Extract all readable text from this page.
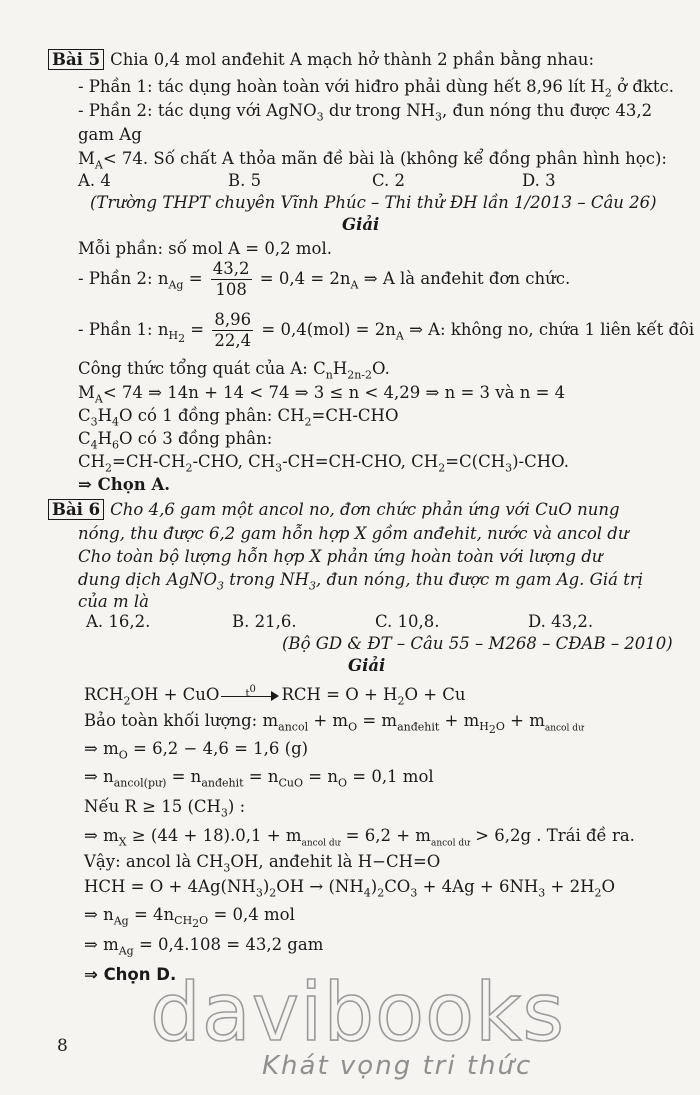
Bài 5 Chia 0,4 mol anđehit A mạch hở thành 2 phần bằng nhau:
- Phần 1: tác dụng hoàn toàn với hiđro phải dùng hết 8,96 lít $H_2$ ở đktc.
- Phần 2: tác dụng với AgNO$_3$ dư trong $NH_3$, đun nóng thu được 43,2
gam Ag
$M_A< 74$. Số chất A thỏa mãn đề bài là (không kể đồng phân hình học):
A. 4	B. 5	C. 2	D. 3
(Trường THPT chuyên Vĩnh Phúc – Thi thử ĐH lần 1/2013 – Câu 26)
Giải
Mỗi phần: số mol A = 0,2 mol.
- Phần 2: $n_{Ag} = \frac{43,2}{108} = 0,4 = 2n_A$ ⇒ A là anđehit đơn chức.
- Phần 1: $n_{H_2} = \frac{8,96}{22,4} = 0,4(mol) = 2n_A$ ⇒ A: không no, chứa 1 liên kết đôi
Công thức tổng quát của A: $C_nH_{2n-2}O$.
$M_A< 74$ ⇒ 14n + 14 < 74 ⇒ 3 ≤ n < 4,29 ⇒ n = 3 và n = 4
$C_3H_4O$ có 1 đồng phân: $CH_2=CH$-CHO
$C_4H_6O$ có 3 đồng phân:
$CH_2=CH-CH_2$-CHO, $CH_3-CH=CH$-CHO, $CH_2=C(CH_3)$-CHO.
⇒ Chọn A.
Bài 6 Cho 4,6 gam một ancol no, đơn chức phản ứng với CuO nung
nóng, thu được 6,2 gam hỗn hợp X gồm anđehit, nước và ancol dư
Cho toàn bộ lượng hỗn hợp X phản ứng hoàn toàn với lượng dư
dung dịch AgNO$_3$ trong $NH_3$, đun nóng, thu được m gam Ag. Giá trị
của m là
A. 16,2.	B. 21,6.	C. 10,8.	D. 43,2.
(Bộ GD & ĐT – Câu 55 – M268 – CĐAB – 2010)
Giải
$RCH_2OH$ + CuO	$t^0$ RCH = $O + H_2O + Cu$
Bảo toàn khối lượng: $m_{ancol} + m_O = m_{anđehit} + m_{H_2O} + m_{ancol dư}$
⇒ $m_O = 6,2 - 4,6 = 1,6$ (g)
⇒ $n_{ancol(pư)} = n_{anđehit} = n_{CuO} = n_O = 0,1$ mol
Nếu R ≥ 15 $(CH_3)$ :
⇒ $m_X \ge (44 + 18).0,1 + m_{ancol dư} = 6,2 + m_{ancol dư} > 6,2g$ . Trái đề ra.
Vậy: ancol là $CH_3OH$, anđehit là H−CH=O
HCH = $O + 4Ag(NH_3)_2OH \to (NH_4)_2CO_3 + 4Ag + 6NH_3 + 2H_2O$
⇒ $n_{Ag} = 4n_{CH_2O} = 0,4$ mol
⇒ $m_{Ag} = 0,4.108 = 43,2$ gam
⇒ Chọn D.
8 davibooks
Khát vọng tri thức
